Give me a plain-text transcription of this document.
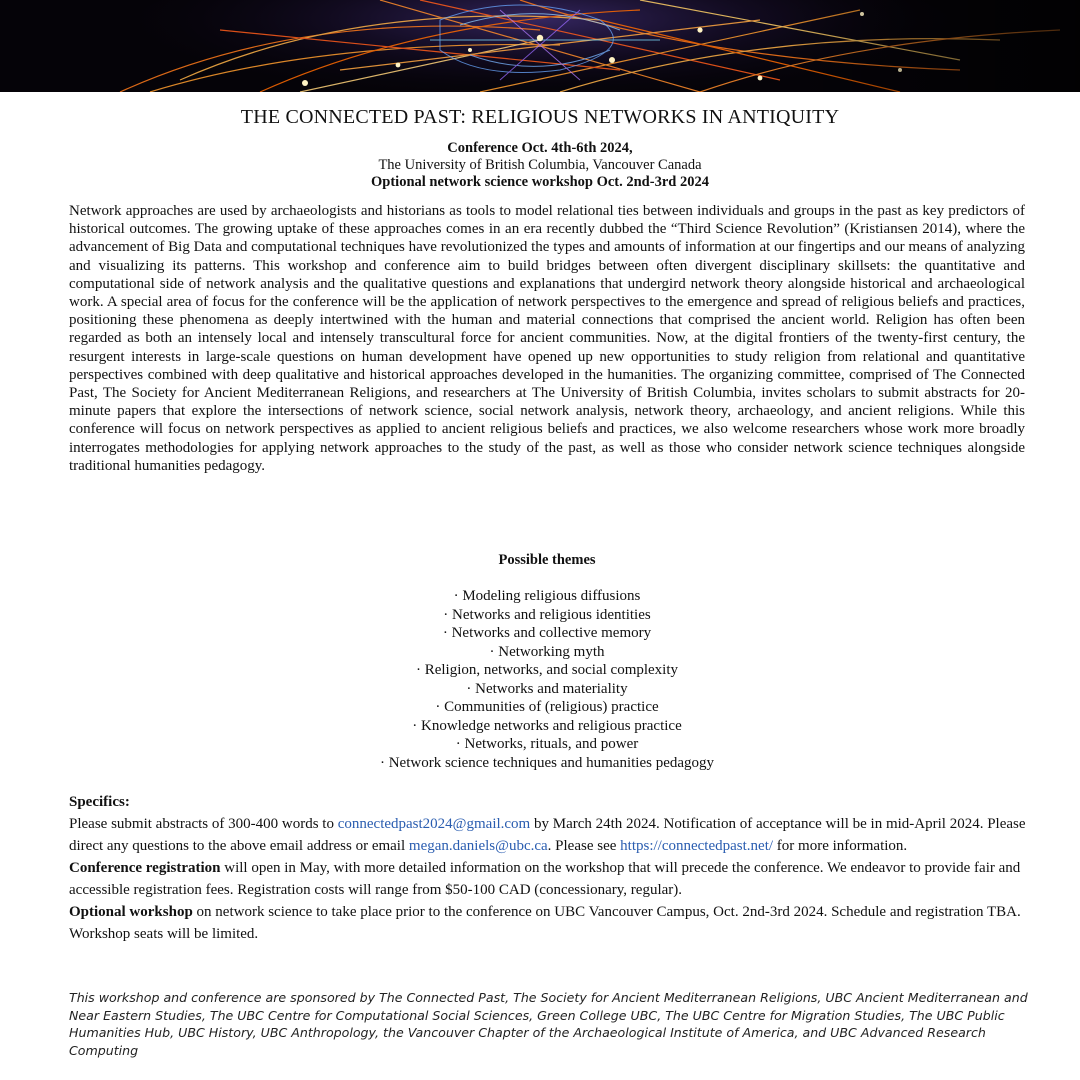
THE CONNECTED PAST: RELIGIOUS NETWORKS IN ANTIQUITY
Conference Oct. 4th-6th 2024,
The University of British Columbia, Vancouver Canada
Optional network science workshop Oct. 2nd-3rd 2024
Network approaches are used by archaeologists and historians as tools to model relational ties between individuals and groups in the past as key predictors of historical outcomes. The growing uptake of these approaches comes in an era recently dubbed the “Third Science Revolution” (Kristiansen 2014), where the advancement of Big Data and computational techniques have revolutionized the types and amounts of information at our fingertips and our means of analyzing and visualizing its patterns. This workshop and conference aim to build bridges between often divergent disciplinary skillsets: the quantitative and computational side of network analysis and the qualitative questions and explanations that undergird network theory alongside historical and archaeological work. A special area of focus for the conference will be the application of network perspectives to the emergence and spread of religious beliefs and practices, positioning these phenomena as deeply intertwined with the human and material connections that comprised the ancient world. Religion has often been regarded as both an intensely local and intensely transcultural force for ancient communities. Now, at the digital frontiers of the twenty-first century, the resurgent interests in large-scale questions on human development have opened up new opportunities to study religion from relational and quantitative perspectives combined with deep qualitative and historical approaches developed in the humanities. The organizing committee, comprised of The Connected Past, The Society for Ancient Mediterranean Religions, and researchers at The University of British Columbia, invites scholars to submit abstracts for 20-minute papers that explore the intersections of network science, social network analysis, network theory, archaeology, and ancient religions. While this conference will focus on network perspectives as applied to ancient religious beliefs and practices, we also welcome researchers whose work more broadly interrogates methodologies for applying network approaches to the study of the past, as well as those who consider network science techniques alongside traditional humanities pedagogy.
Possible themes
· Modeling religious diffusions
· Networks and religious identities
· Networks and collective memory
· Networking myth
· Religion, networks, and social complexity
· Networks and materiality
· Communities of (religious) practice
· Knowledge networks and religious practice
· Networks, rituals, and power
· Network science techniques and humanities pedagogy
Specifics:
Please submit abstracts of 300-400 words to connectedpast2024@gmail.com by March 24th 2024. Notification of acceptance will be in mid-April 2024. Please direct any questions to the above email address or email megan.daniels@ubc.ca. Please see https://connectedpast.net/ for more information.
Conference registration will open in May, with more detailed information on the workshop that will precede the conference. We endeavor to provide fair and accessible registration fees. Registration costs will range from $50-100 CAD (concessionary, regular).
Optional workshop on network science to take place prior to the conference on UBC Vancouver Campus, Oct. 2nd-3rd 2024. Schedule and registration TBA. Workshop seats will be limited.
This workshop and conference are sponsored by The Connected Past, The Society for Ancient Mediterranean Religions, UBC Ancient Mediterranean and Near Eastern Studies, The UBC Centre for Computational Social Sciences, Green College UBC, The UBC Centre for Migration Studies, The UBC Public Humanities Hub, UBC History, UBC Anthropology, the Vancouver Chapter of the Archaeological Institute of America, and UBC Advanced Research Computing
